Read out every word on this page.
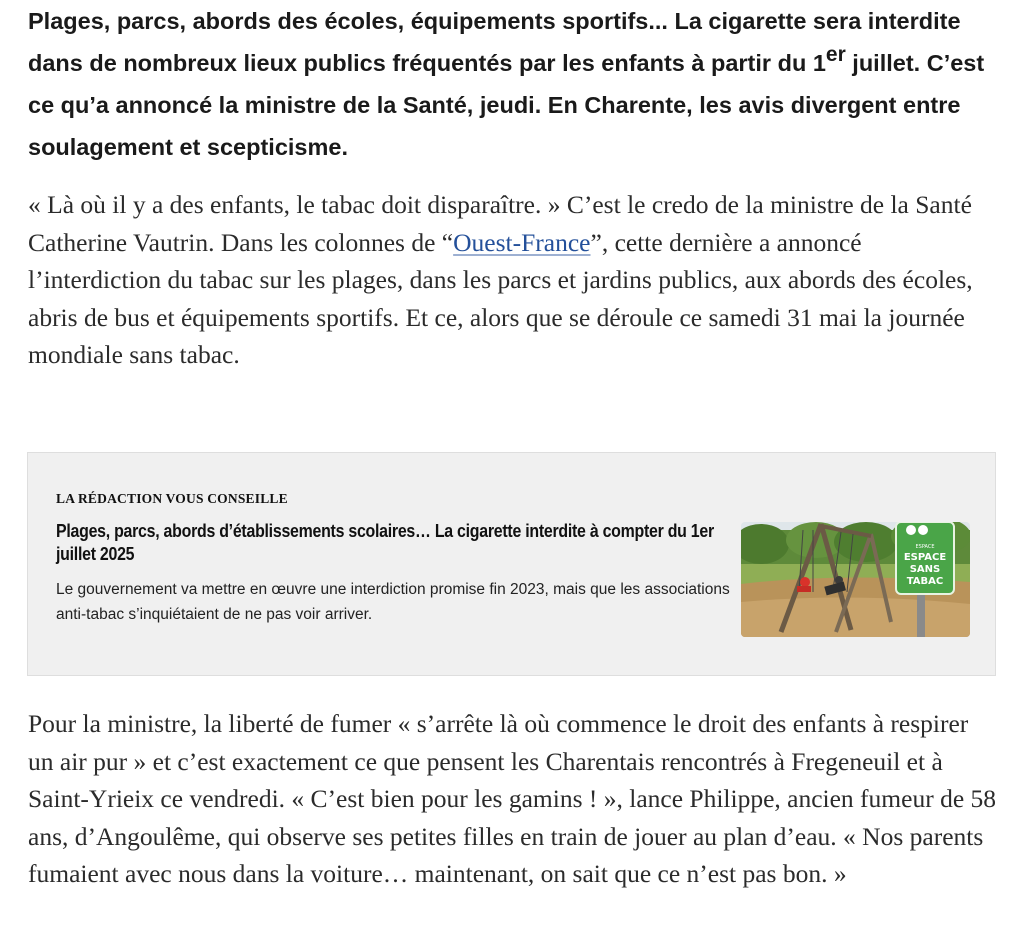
Plages, parcs, abords des écoles, équipements sportifs... La cigarette sera interdite dans de nombreux lieux publics fréquentés par les enfants à partir du 1er juillet. C’est ce qu’a annoncé la ministre de la Santé, jeudi. En Charente, les avis divergent entre soulagement et scepticisme.

« Là où il y a des enfants, le tabac doit disparaître. » C’est le credo de la ministre de la Santé Catherine Vautrin. Dans les colonnes de “Ouest-France”, cette dernière a annoncé l’interdiction du tabac sur les plages, dans les parcs et jardins publics, aux abords des écoles, abris de bus et équipements sportifs. Et ce, alors que se déroule ce samedi 31 mai la journée mondiale sans tabac.

LA RÉDACTION VOUS CONSEILLE
Plages, parcs, abords d’établissements scolaires… La cigarette interdite à compter du 1er juillet 2025
Le gouvernement va mettre en œuvre une interdiction promise fin 2023, mais que les associations anti-tabac s’inquiétaient de ne pas voir arriver.
ESPACE
ESPACE
SANS
TABAC

Pour la ministre, la liberté de fumer « s’arrête là où commence le droit des enfants à respirer un air pur » et c’est exactement ce que pensent les Charentais rencontrés à Fregeneuil et à Saint-Yrieix ce vendredi. « C’est bien pour les gamins ! », lance Philippe, ancien fumeur de 58 ans, d’Angoulême, qui observe ses petites filles en train de jouer au plan d’eau. « Nos parents fumaient avec nous dans la voiture… maintenant, on sait que ce n’est pas bon. »
